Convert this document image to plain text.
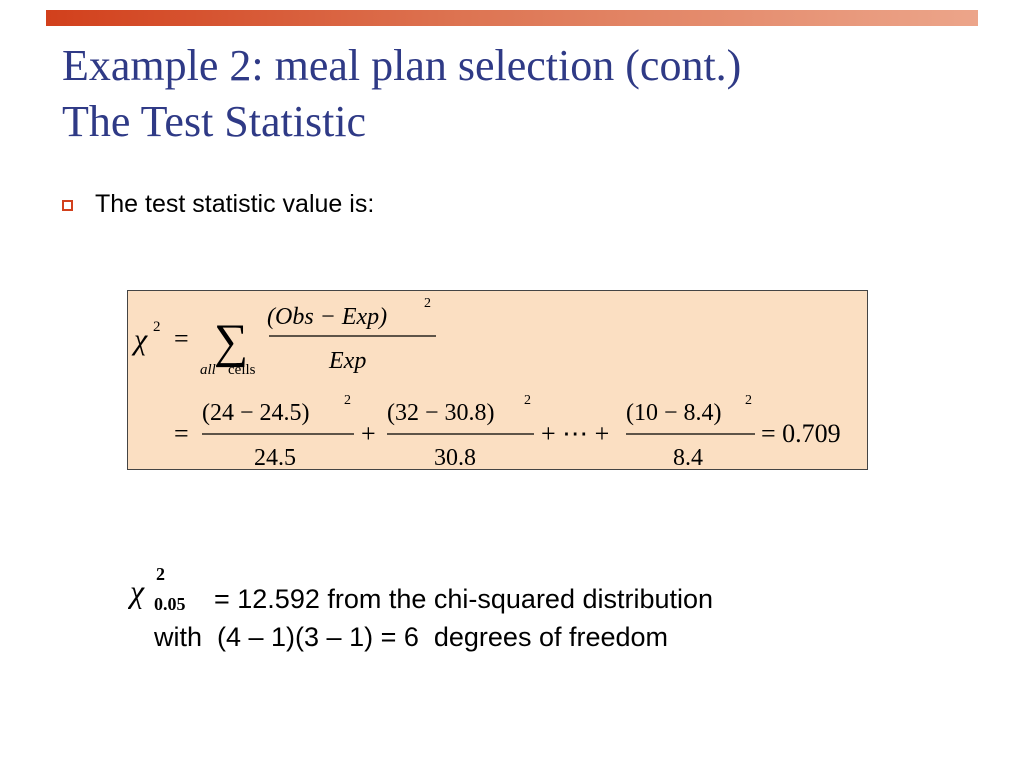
Example 2: meal plan selection (cont.)
The Test Statistic
The test statistic value is:
χ 2 = ∑
all cells
(Obs − Exp)
2
Exp
=
(24 − 24.5) 2
24.5
+
(32 − 30.8) 2
30.8
+ ⋯ +
(10 − 8.4) 2
8.4
= 0.709
χ 2
0.05 = 12.592 from the chi-squared distribution
with  (4 – 1)(3 – 1) = 6  degrees of freedom
